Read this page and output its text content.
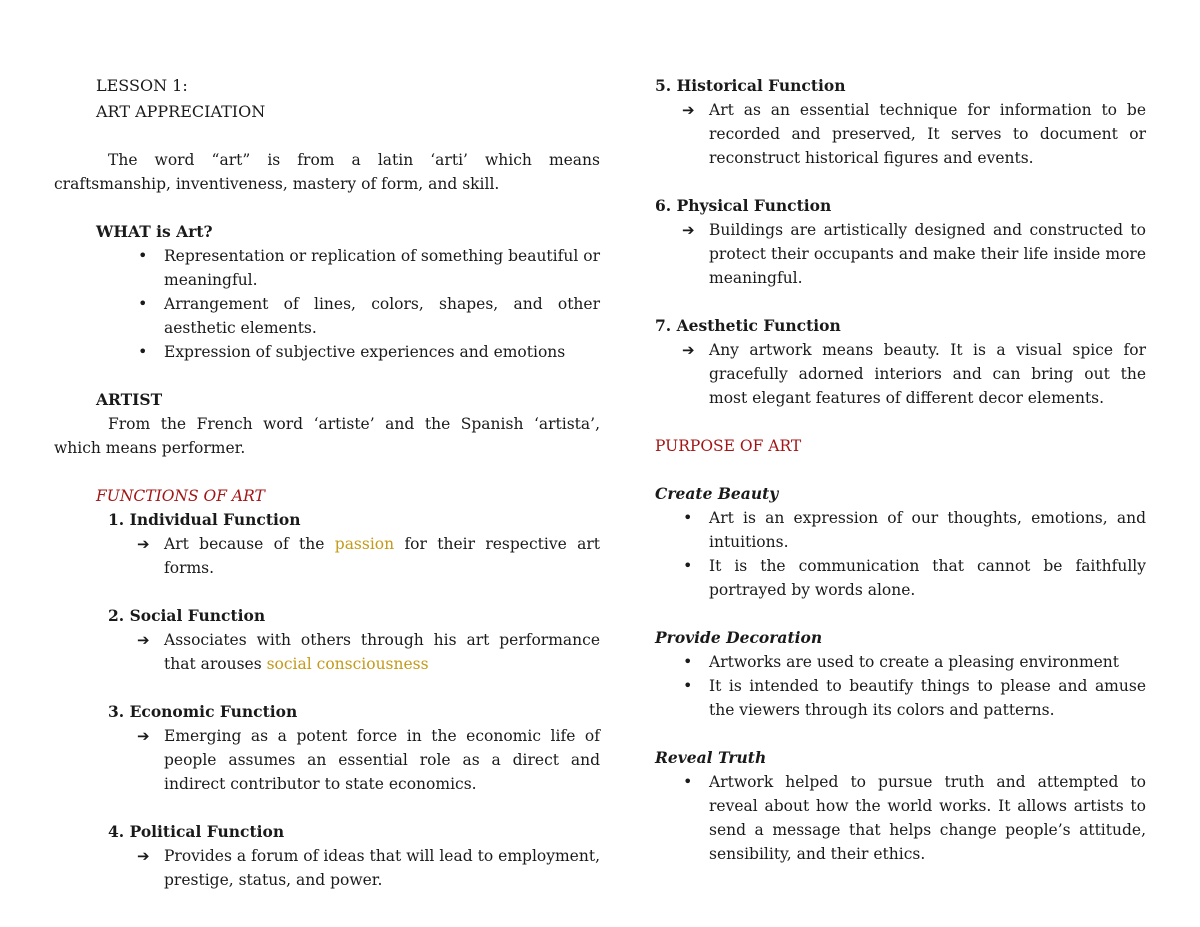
LESSON 1:
ART APPRECIATION
The word “art” is from a latin ‘arti’ which means craftsmanship, inventiveness, mastery of form, and skill.
WHAT is Art?
• Representation or replication of something beautiful or meaningful.
• Arrangement of lines, colors, shapes, and other aesthetic elements.
• Expression of subjective experiences and emotions
ARTIST
From the French word ‘artiste’ and the Spanish ‘artista’, which means performer.
FUNCTIONS OF ART
1. Individual Function
➔ Art because of the passion for their respective art forms.
2. Social Function
➔ Associates with others through his art performance that arouses social consciousness
3. Economic Function
➔ Emerging as a potent force in the economic life of people assumes an essential role as a direct and indirect contributor to state economics.
4. Political Function
➔ Provides a forum of ideas that will lead to employment, prestige, status, and power.
5. Historical Function
➔ Art as an essential technique for information to be recorded and preserved, It serves to document or reconstruct historical figures and events.
6. Physical Function
➔ Buildings are artistically designed and constructed to protect their occupants and make their life inside more meaningful.
7. Aesthetic Function
➔ Any artwork means beauty. It is a visual spice for gracefully adorned interiors and can bring out the most elegant features of different decor elements.
PURPOSE OF ART
Create Beauty
• Art is an expression of our thoughts, emotions, and intuitions.
• It is the communication that cannot be faithfully portrayed by words alone.
Provide Decoration
• Artworks are used to create a pleasing environment
• It is intended to beautify things to please and amuse the viewers through its colors and patterns.
Reveal Truth
• Artwork helped to pursue truth and attempted to reveal about how the world works. It allows artists to send a message that helps change people’s attitude, sensibility, and their ethics.
